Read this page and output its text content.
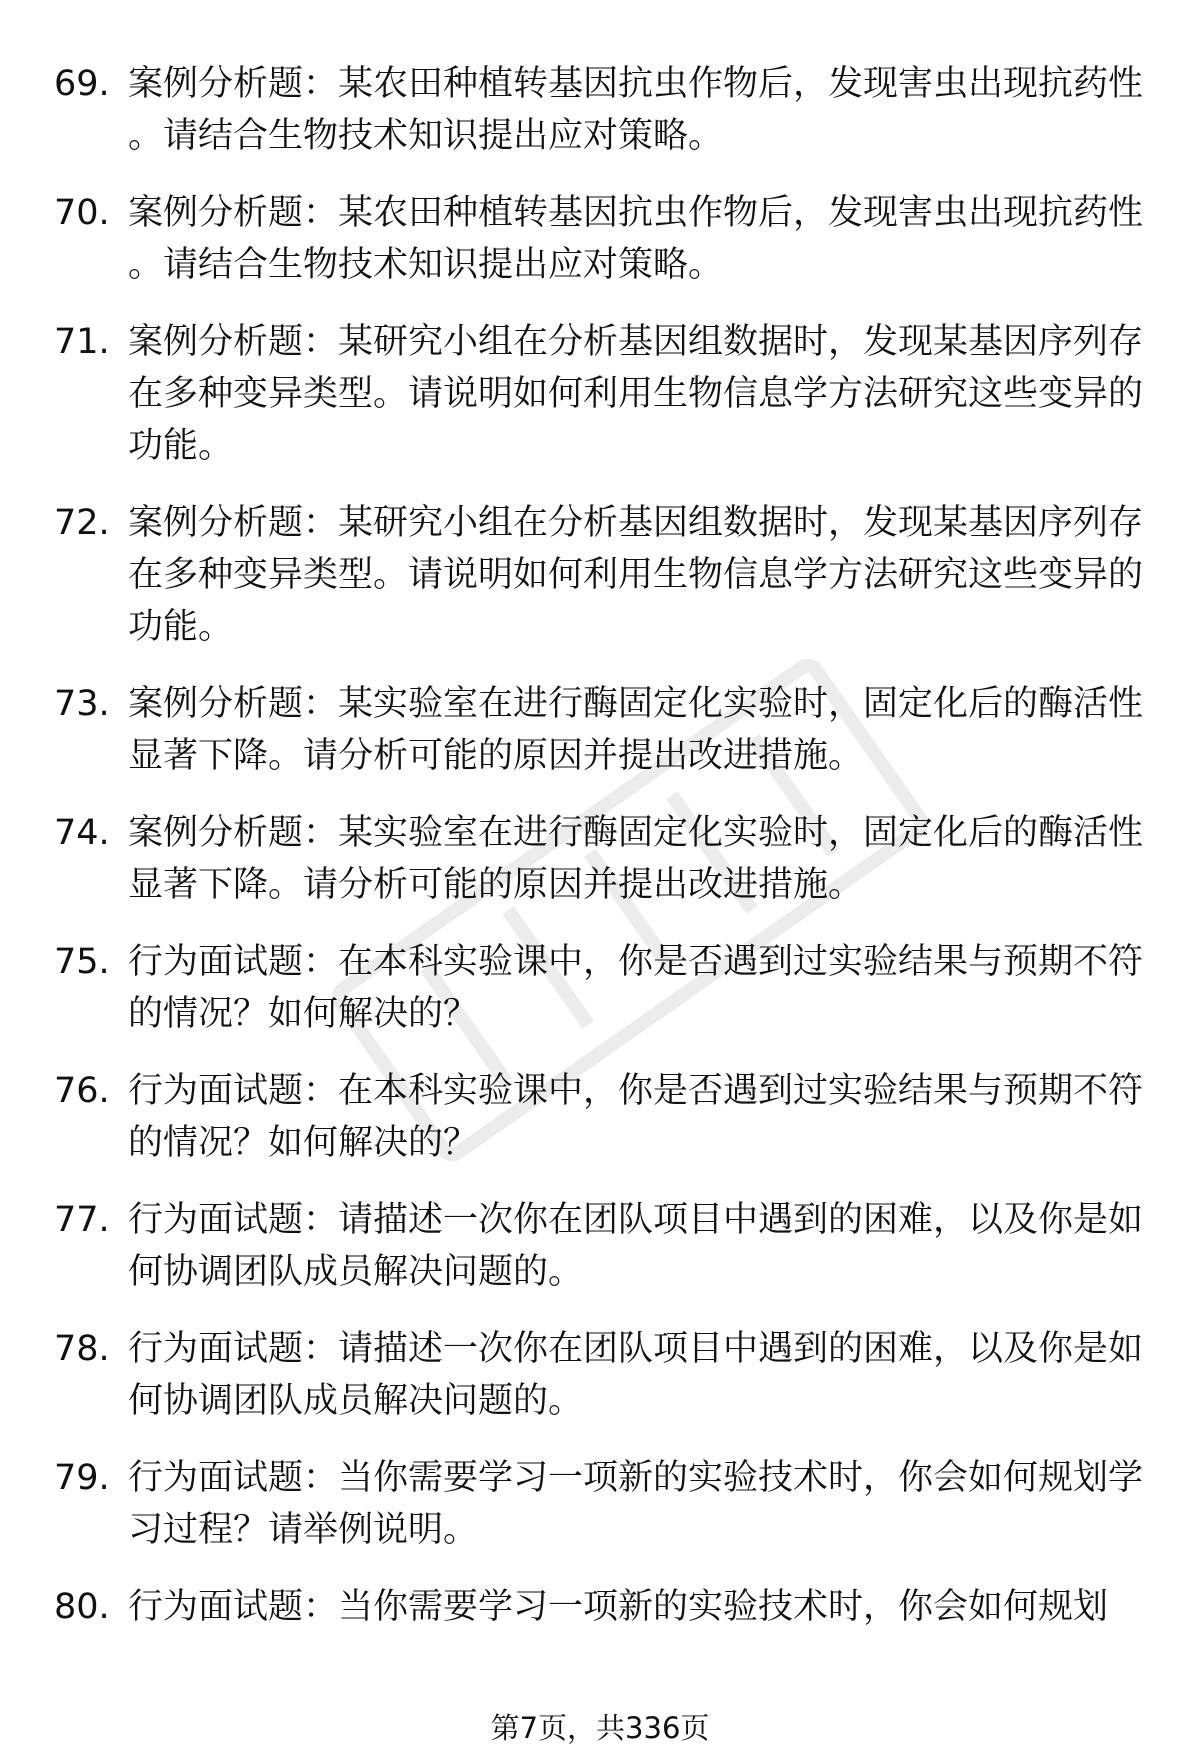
69. 案例分析题：某农田种植转基因抗虫作物后，发现害虫出现抗药性。请结合生物技术知识提出应对策略。
70. 案例分析题：某农田种植转基因抗虫作物后，发现害虫出现抗药性。请结合生物技术知识提出应对策略。
71. 案例分析题：某研究小组在分析基因组数据时，发现某基因序列存在多种变异类型。请说明如何利用生物信息学方法研究这些变异的功能。
72. 案例分析题：某研究小组在分析基因组数据时，发现某基因序列存在多种变异类型。请说明如何利用生物信息学方法研究这些变异的功能。
73. 案例分析题：某实验室在进行酶固定化实验时，固定化后的酶活性显著下降。请分析可能的原因并提出改进措施。
74. 案例分析题：某实验室在进行酶固定化实验时，固定化后的酶活性显著下降。请分析可能的原因并提出改进措施。
75. 行为面试题：在本科实验课中，你是否遇到过实验结果与预期不符的情况？如何解决的？
76. 行为面试题：在本科实验课中，你是否遇到过实验结果与预期不符的情况？如何解决的？
77. 行为面试题：请描述一次你在团队项目中遇到的困难，以及你是如何协调团队成员解决问题的。
78. 行为面试题：请描述一次你在团队项目中遇到的困难，以及你是如何协调团队成员解决问题的。
79. 行为面试题：当你需要学习一项新的实验技术时，你会如何规划学习过程？请举例说明。
80. 行为面试题：当你需要学习一项新的实验技术时，你会如何规划
第7页，共336页
